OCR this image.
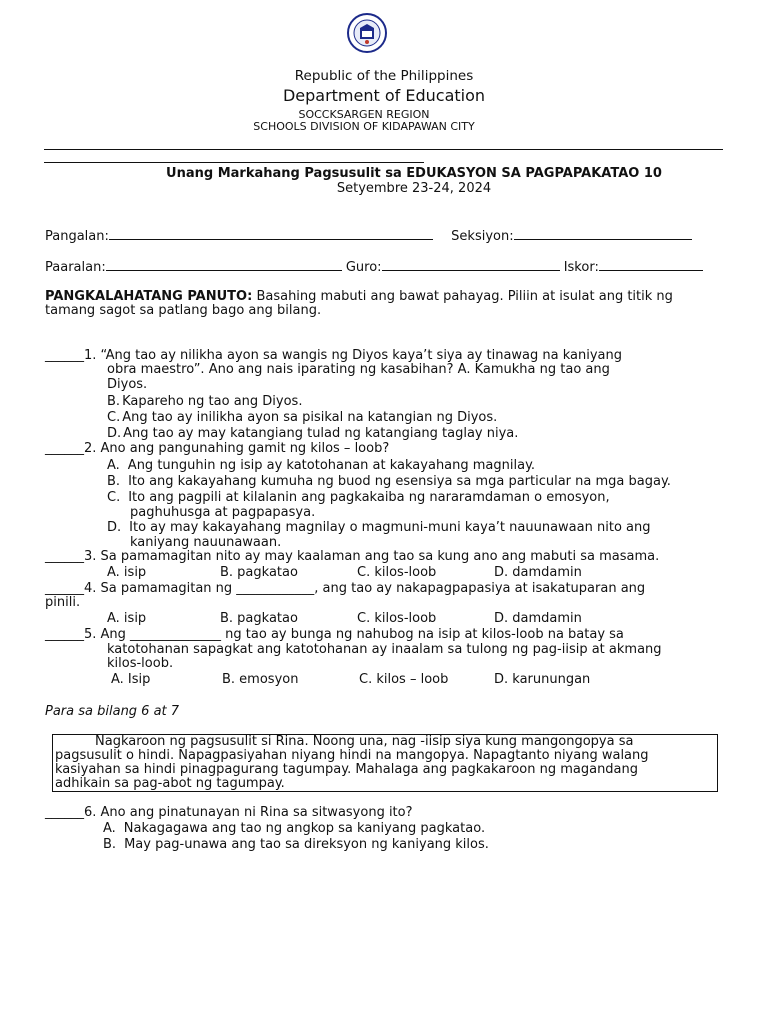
Republic of the Philippines
Department of Education
SOCCKSARGEN REGION
SCHOOLS DIVISION OF KIDAPAWAN CITY
Unang Markahang Pagsusulit sa EDUKASYON SA PAGPAPAKATAO 10
Setyembre 23-24, 2024
Pangalan:	Seksiyon:
Paaralan:	Guro:	Iskor:
PANGKALAHATANG PANUTO: Basahing mabuti ang bawat pahayag. Piliin at isulat ang titik ng
tamang sagot sa patlang bago ang bilang.
______1. “Ang tao ay nilikha ayon sa wangis ng Diyos kaya’t siya ay tinawag na kaniyang
obra maestro”. Ano ang nais iparating ng kasabihan? A. Kamukha ng tao ang
Diyos.
B. Kapareho ng tao ang Diyos.
C. Ang tao ay inilikha ayon sa pisikal na katangian ng Diyos.
D. Ang tao ay may katangiang tulad ng katangiang taglay niya.
______2. Ano ang pangunahing gamit ng kilos – loob?
A. Ang tunguhin ng isip ay katotohanan at kakayahang magnilay.
B. Ito ang kakayahang kumuha ng buod ng esensiya sa mga particular na mga bagay.
C. Ito ang pagpili at kilalanin ang pagkakaiba ng nararamdaman o emosyon,
paghuhusga at pagpapasya.
D. Ito ay may kakayahang magnilay o magmuni-muni kaya’t nauunawaan nito ang
kaniyang nauunawaan.
______3. Sa pamamagitan nito ay may kaalaman ang tao sa kung ano ang mabuti sa masama.
A. isip	B. pagkatao	C. kilos-loob	D. damdamin
______4. Sa pamamagitan ng ____________, ang tao ay nakapagpapasiya at isakatuparan ang
pinili.
A. isip	B. pagkatao	C. kilos-loob	D. damdamin
______5. Ang ______________ ng tao ay bunga ng nahubog na isip at kilos-loob na batay sa
katotohanan sapagkat ang katotohanan ay inaalam sa tulong ng pag-iisip at akmang
kilos-loob.
A. Isip	B. emosyon	C. kilos – loob	D. karunungan
Para sa bilang 6 at 7

Nagkaroon ng pagsusulit si Rina. Noong una, nag -iisip siya kung mangongopya sa

pagsusulit o hindi. Napagpasiyahan niyang hindi na mangopya. Napagtanto niyang walang

kasiyahan sa hindi pinagpagurang tagumpay. Mahalaga ang pagkakaroon ng magandang

adhikain sa pag-abot ng tagumpay.

______6. Ano ang pinatunayan ni Rina sa sitwasyong ito?
A. Nakagagawa ang tao ng angkop sa kaniyang pagkatao.
B. May pag-unawa ang tao sa direksyon ng kaniyang kilos.
